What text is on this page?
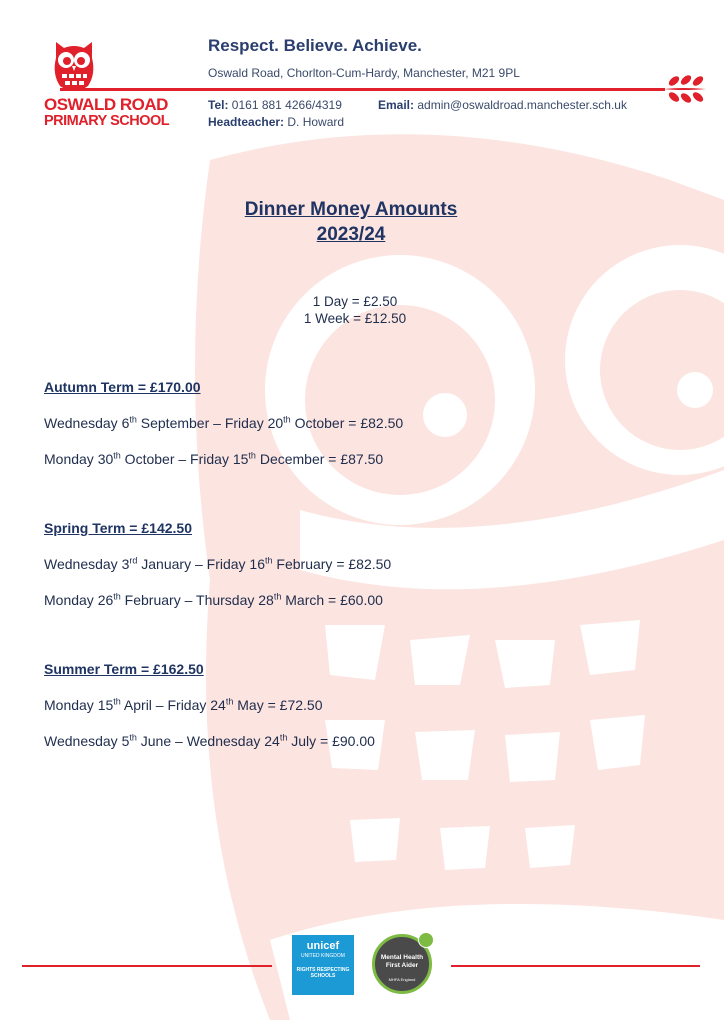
OSWALD ROAD
PRIMARY SCHOOL
Respect. Believe. Achieve.
Oswald Road, Chorlton-Cum-Hardy, Manchester, M21 9PL
Tel: 0161 881 4266/4319
Headteacher: D. Howard
Email: admin@oswaldroad.manchester.sch.uk
Dinner Money Amounts
2023/24
1 Day = £2.50
1 Week = £12.50
Autumn Term = £170.00
Wednesday 6th September – Friday 20th October = £82.50
Monday 30th October – Friday 15th December = £87.50
Spring Term = £142.50
Wednesday 3rd January – Friday 16th February = £82.50
Monday 26th February – Thursday 28th March = £60.00
Summer Term = £162.50
Monday 15th April – Friday 24th May = £72.50
Wednesday 5th June – Wednesday 24th July = £90.00
unicef
UNITED KINGDOM
RIGHTS RESPECTING SCHOOLS
Mental Health First Aider
MHFA England
